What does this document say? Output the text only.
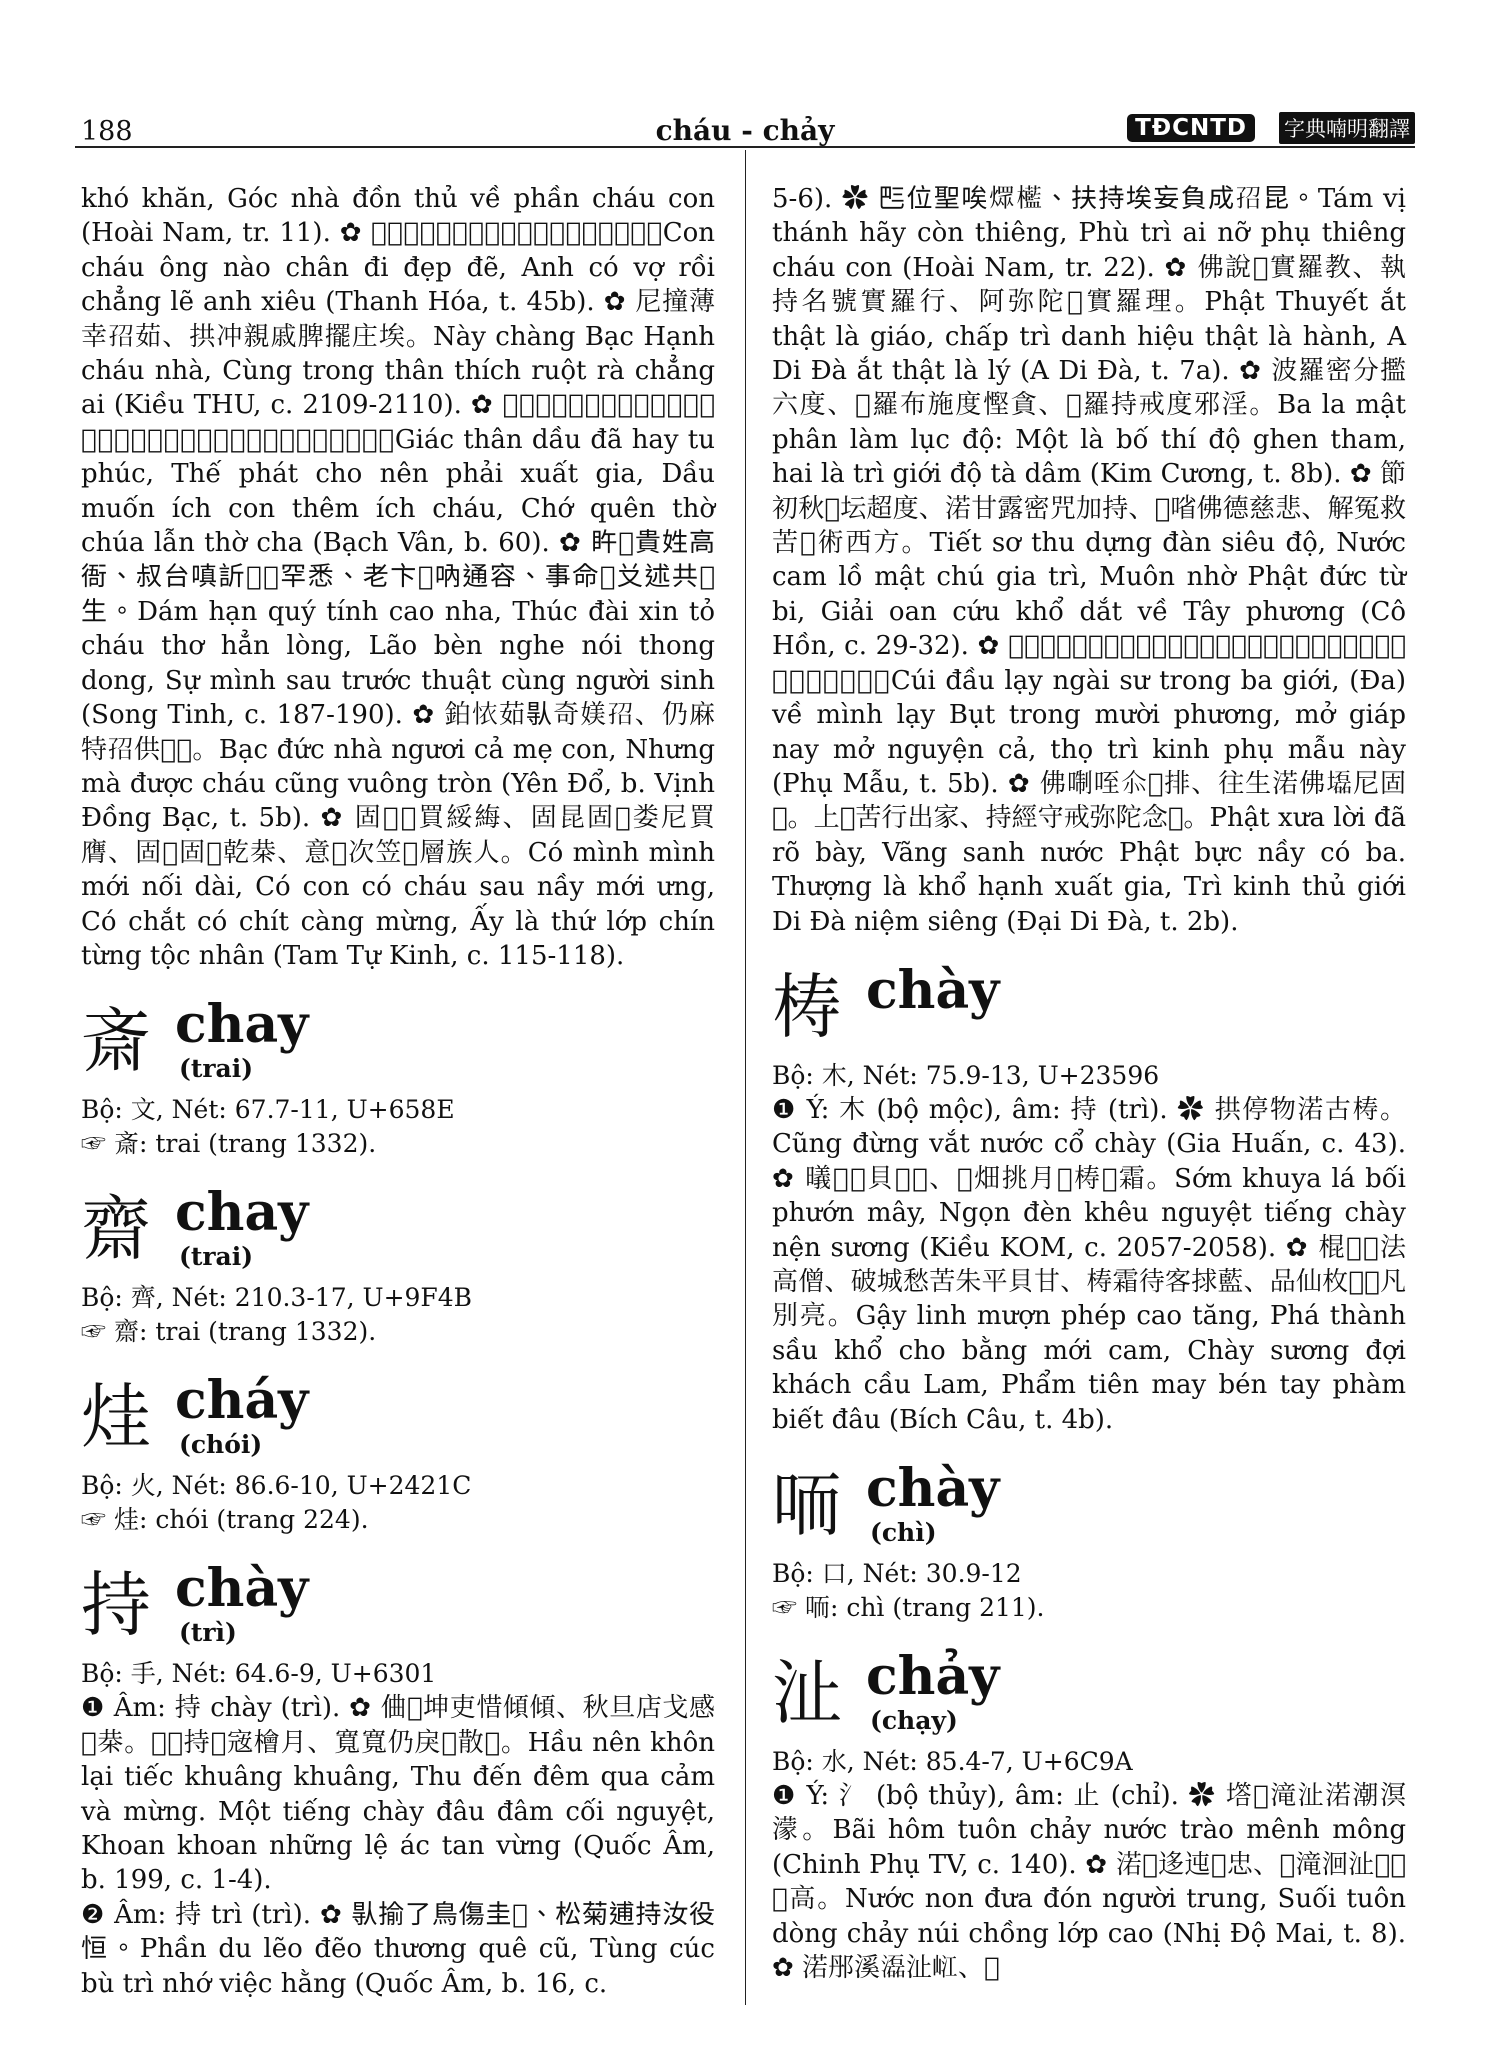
188	cháu - chảy	TĐCNTD	字典喃明翻譯

khó khăn, Góc nhà đồn thủ về phần cháu con (Hoài Nam, tr. 11). ✿ 𦋦𠰘翁𢂎𡍚𢀦𦀺𠹰、英固婿末搥𡁖英超。Con cháu ông nào chân đi đẹp đẽ, Anh có vợ rồi chẳng lẽ anh xiêu (Thanh Hóa, t. 45b). ✿ 尼撞薄幸𡥙茹、拱冲親戚脾擺庄埃。Này chàng Bạc Hạnh cháu nhà, Cùng trong thân thích ruột rà chẳng ai (Kiều THU, c. 2109-2110). ✿ 𤷶身油𠇍哈修福、剃髮朱𢧚沛出家、油𡁛益𡥙添益𡥙、渚𢚸𦀊主勉𦀊吒。Giác thân dầu đã hay tu phúc, Thế phát cho nên phải xuất gia, Dầu muốn ích con thêm ích cháu, Chớ quên thờ chúa lẫn thờ cha (Bạch Vân, b. 60). ✿ 𥄭𠸗貴姓高衙、叔台嗔訢𡥙𦀊罕悉、老卞𥆁吶通容、事命𡏧𠬠述共𠊚生。Dám hạn quý tính cao nha, Thúc đài xin tỏ cháu thơ hẳn lòng, Lão bèn nghe nói thong dong, Sự mình sau trước thuật cùng người sinh (Song Tinh, c. 187-190). ✿ 鉑𢙇茹𠊛奇媄𡥙、仍麻特𡥙供𣖖𩵜。Bạc đức nhà ngươi cả mẹ con, Nhưng mà được cháu cũng vuông tròn (Yên Đổ, b. Vịnh Đồng Bạc, t. 5b). ✿ 固𨉟𨉟買綏䋦、固昆固𡥙娄尼買膺、固𧵑固𥛪乾㭟、意𦓡次笠𢁖層族人。Có mình mình mới nối dài, Có con có cháu sau nầy mới ưng, Có chắt có chít càng mừng, Ấy là thứ lớp chín từng tộc nhân (Tam Tự Kinh, c. 115-118).

斎 chay
(trai)

Bộ: 文, Nét: 67.7-11, U+658E

☞ 斎: trai (trang 1332).

齋 chay
(trai)

Bộ: 齊, Nét: 210.3-17, U+9F4B

☞ 齋: trai (trang 1332).

烓 cháy
(chói)

Bộ: 火, Nét: 86.6-10, U+2421C

☞ 烓: chói (trang 224).

持 chày
(trì)

Bộ: 手, Nét: 64.6-9, U+6301

❶ Âm: 持 chày (trì). ✿ 㑋𢧚坤吏惜傾傾、秋旦店戈感𠼯㭟。𠃣𠰘持𠁀宼檜月、寬寬仍戾𪀄散𠷥。Hầu nên khôn lại tiếc khuâng khuâng, Thu đến đêm qua cảm và mừng. Một tiếng chày đâu đâm cối nguyệt, Khoan khoan những lệ ác tan vừng (Quốc Âm, b. 199, c. 1-4).

❷ Âm: 持 trì (trì). ✿ 𠊛揄了鳥傷圭𡢐、松菊逋持汝役恒。Phần du lẽo đẽo thương quê cũ, Tùng cúc bù trì nhớ việc hằng (Quốc Âm, b. 16, c.

5-6). ✿ 𠀧位聖唉𤎏𣠩、扶持埃妄負成𡥙昆。Tám vị thánh hãy còn thiêng, Phù trì ai nỡ phụ thiêng cháu con (Hoài Nam, tr. 22). ✿ 佛說𠃣實羅教、執持名號實羅行、阿弥陀𠃣實羅理。Phật Thuyết ắt thật là giáo, chấp trì danh hiệu thật là hành, A Di Đà ắt thật là lý (A Di Đà, t. 7a). ✿ 波羅密分㩜六度、𠃣羅布施度慳貪、𠃣羅持戒度邪淫。Ba la mật phân làm lục độ: Một là bố thí độ ghen tham, hai là trì giới độ tà dâm (Kim Cương, t. 8b). ✿ 節初秋𨔍坛超度、渃甘露密咒加持、𢚸㗂佛德慈悲、解冤救苦𢶢術西方。Tiết sơ thu dựng đàn siêu độ, Nước cam lồ mật chú gia trì, Muôn nhờ Phật đức từ bi, Giải oan cứu khổ dắt về Tây phương (Cô Hồn, c. 29-32). ✿ 𢶬頭礼𡗋師工𠀧界、𠓨迷命礼𡨸工迈方、𡗐甲尼馬願𠺳、受持経父母尼。Cúi đầu lạy ngài sư trong ba giới, (Đa) về mình lạy Bụt trong mười phương, mở giáp nay mở nguyện cả, thọ trì kinh phụ mẫu này (Phụ Mẫu, t. 5b). ✿ 佛𠶜咥𠇍𢯏排、往生渃佛𡓃尼固𠀧。上𦓡苦行出家、持經守戒弥陀念𡗉。Phật xưa lời đã rõ bày, Vãng sanh nước Phật bực nầy có ba. Thượng là khổ hạnh xuất gia, Trì kinh thủ giới Di Đà niệm siêng (Đại Di Đà, t. 2b).

梼 chày

Bộ: 木, Nét: 75.9-13, U+23596

❶ Ý: 木 (bộ mộc), âm: 持 (trì). ✿ 拱停物渃古梼。Cũng đừng vắt nước cổ chày (Gia Huấn, c. 43). ✿ 㬢𣇜𦹵貝𣽀𩄲、𦹵畑挑月𠿚梼𢵰霜。Sớm khuya lá bối phướn mây, Ngọn đèn khêu nguyệt tiếng chày nện sương (Kiều KOM, c. 2057-2058). ✿ 棍𤀗𢭂法高僧、破城愁苦朱平貝甘、梼霜待客捄藍、品仙枚𤷍𢭮凡別亮。Gậy linh mượn phép cao tăng, Phá thành sầu khổ cho bằng mới cam, Chày sương đợi khách cầu Lam, Phẩm tiên may bén tay phàm biết đâu (Bích Câu, t. 4b).

㖇 chày
(chì)

Bộ: 口, Nét: 30.9-12

☞ 㖇: chì (trang 211).

沚 chảy
(chạy)

Bộ: 水, Nét: 85.4-7, U+6C9A

❶ Ý: 氵 (bộ thủy), âm: 止 (chỉ). ✿ 㙮𣈕滝沚渃潮溟濛。Bãi hôm tuôn chảy nước trào mênh mông (Chinh Phụ TV, c. 140). ✿ 渃𡽫迻迍𨀈忠、𤂬滝洄沚𡶀𩅘𨕭高。Nước non đưa đón người trung, Suối tuôn dòng chảy núi chồng lớp cao (Nhị Độ Mai, t. 8). ✿ 渃䢷溪𤂬沚𡷍、𨇉
